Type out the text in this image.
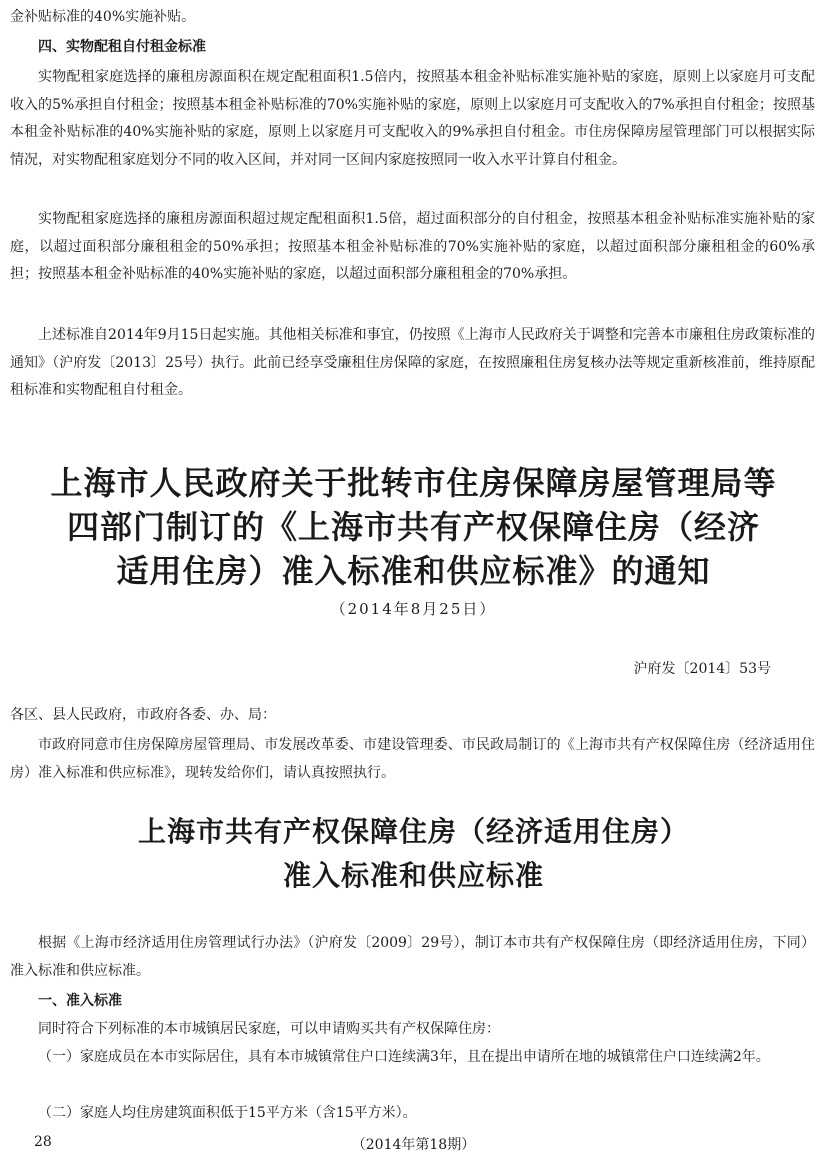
金补贴标准的40%实施补贴。

四、实物配租自付租金标准

实物配租家庭选择的廉租房源面积在规定配租面积1.5倍内，按照基本租金补贴标准实施补贴的家庭，原则上以家庭月可支配收入的5%承担自付租金；按照基本租金补贴标准的70%实施补贴的家庭，原则上以家庭月可支配收入的7%承担自付租金；按照基本租金补贴标准的40%实施补贴的家庭，原则上以家庭月可支配收入的9%承担自付租金。市住房保障房屋管理部门可以根据实际情况，对实物配租家庭划分不同的收入区间，并对同一区间内家庭按照同一收入水平计算自付租金。

实物配租家庭选择的廉租房源面积超过规定配租面积1.5倍，超过面积部分的自付租金，按照基本租金补贴标准实施补贴的家庭，以超过面积部分廉租租金的50%承担；按照基本租金补贴标准的70%实施补贴的家庭，以超过面积部分廉租租金的60%承担；按照基本租金补贴标准的40%实施补贴的家庭，以超过面积部分廉租租金的70%承担。

上述标准自2014年9月15日起实施。其他相关标准和事宜，仍按照《上海市人民政府关于调整和完善本市廉租住房政策标准的通知》（沪府发〔2013〕25号）执行。此前已经享受廉租住房保障的家庭，在按照廉租住房复核办法等规定重新核准前，维持原配租标准和实物配租自付租金。

上海市人民政府关于批转市住房保障房屋管理局等
四部门制订的《上海市共有产权保障住房（经济
适用住房）准入标准和供应标准》的通知
（2014年8月25日）
沪府发〔2014〕53号

各区、县人民政府，市政府各委、办、局：

市政府同意市住房保障房屋管理局、市发展改革委、市建设管理委、市民政局制订的《上海市共有产权保障住房（经济适用住房）准入标准和供应标准》，现转发给你们，请认真按照执行。

上海市共有产权保障住房（经济适用住房）
准入标准和供应标准

根据《上海市经济适用住房管理试行办法》（沪府发〔2009〕29号），制订本市共有产权保障住房（即经济适用住房，下同）准入标准和供应标准。

一、准入标准

同时符合下列标准的本市城镇居民家庭，可以申请购买共有产权保障住房：

（一）家庭成员在本市实际居住，具有本市城镇常住户口连续满3年，且在提出申请所在地的城镇常住户口连续满2年。

（二）家庭人均住房建筑面积低于15平方米（含15平方米）。

28	（2014年第18期）
